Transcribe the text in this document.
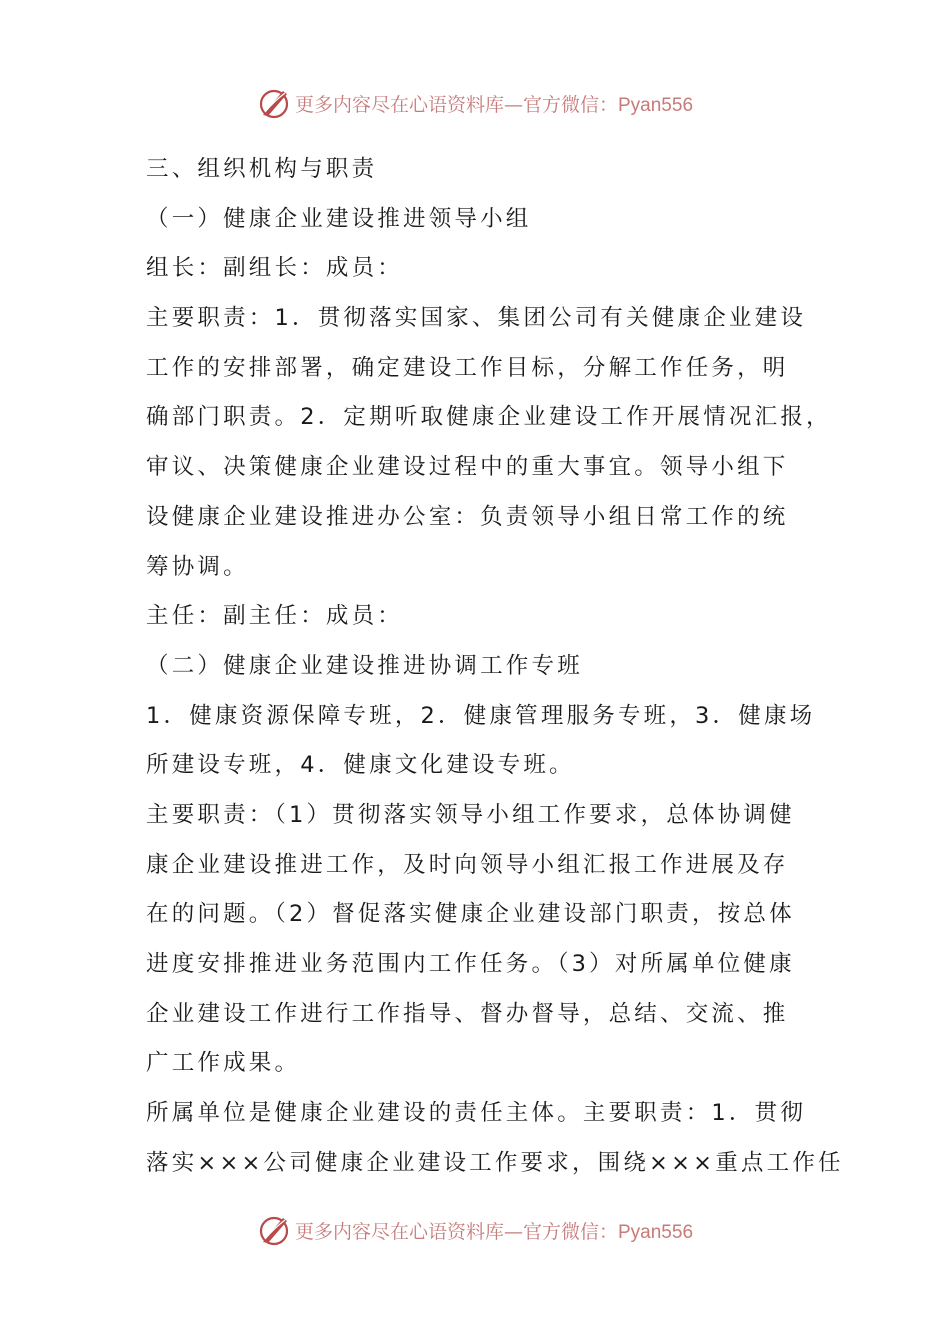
更多内容尽在心语资料库—官方微信：Pyan556
三、组织机构与职责
（一）健康企业建设推进领导小组
组长：副组长：成员：
主要职责：1．贯彻落实国家、集团公司有关健康企业建设
工作的安排部署，确定建设工作目标，分解工作任务，明
确部门职责。2．定期听取健康企业建设工作开展情况汇报，
审议、决策健康企业建设过程中的重大事宜。领导小组下
设健康企业建设推进办公室：负责领导小组日常工作的统
筹协调。
主任：副主任：成员：
（二）健康企业建设推进协调工作专班
1．健康资源保障专班，2．健康管理服务专班，3．健康场
所建设专班，4．健康文化建设专班。
主要职责：（1）贯彻落实领导小组工作要求，总体协调健
康企业建设推进工作，及时向领导小组汇报工作进展及存
在的问题。（2）督促落实健康企业建设部门职责，按总体
进度安排推进业务范围内工作任务。（3）对所属单位健康
企业建设工作进行工作指导、督办督导，总结、交流、推
广工作成果。
所属单位是健康企业建设的责任主体。主要职责：1．贯彻
落实×××公司健康企业建设工作要求，围绕×××重点工作任
更多内容尽在心语资料库—官方微信：Pyan556
